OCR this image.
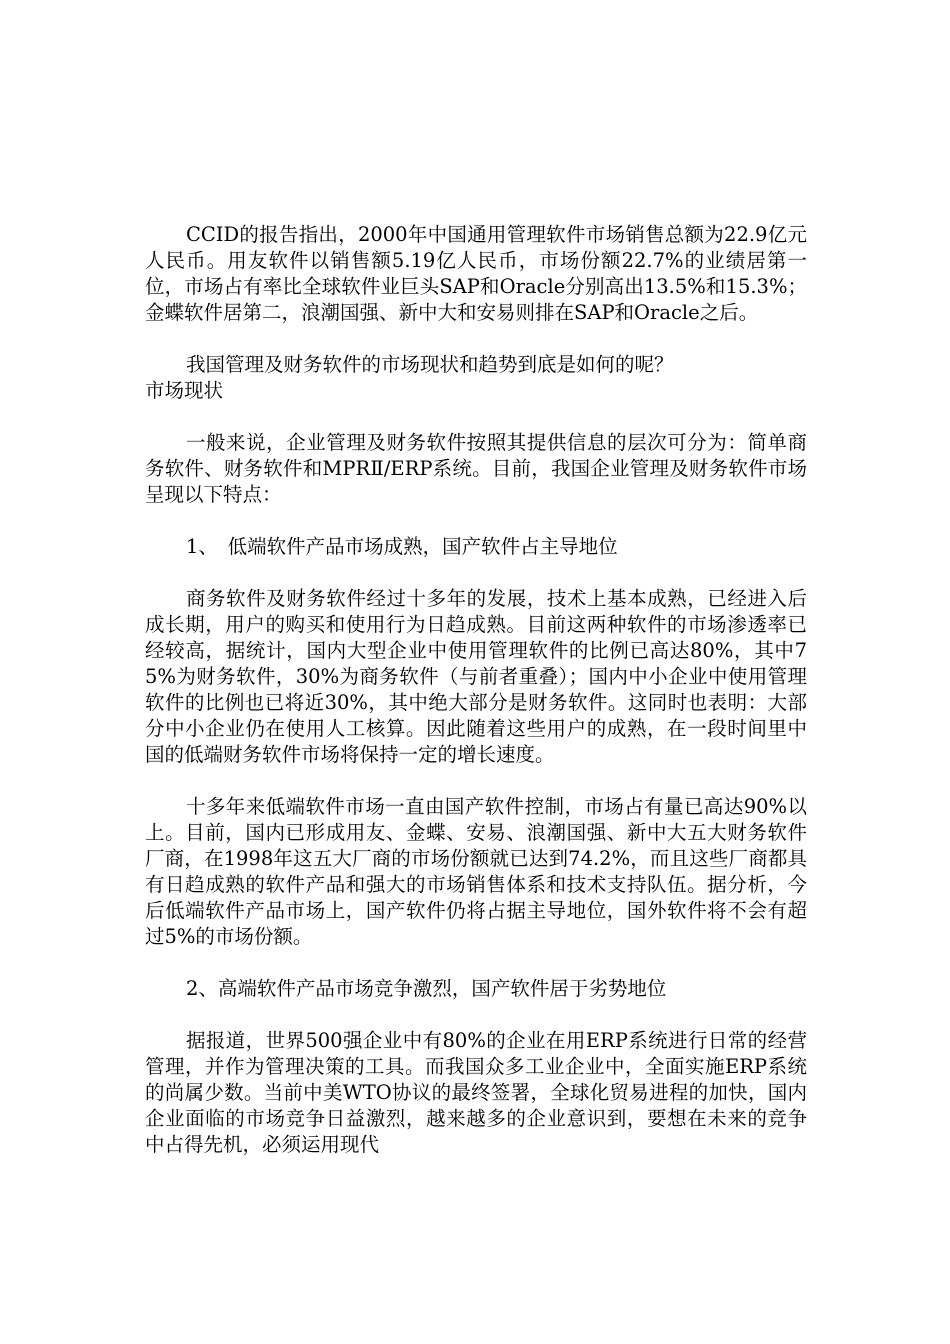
CCID的报告指出，2000年中国通用管理软件市场销售总额为22.9亿元人民币。用友软件以销售额5.19亿人民币，市场份额22.7%的业绩居第一位，市场占有率比全球软件业巨头SAP和Oracle分别高出13.5%和15.3%；金蝶软件居第二，浪潮国强、新中大和安易则排在SAP和Oracle之后。

我国管理及财务软件的市场现状和趋势到底是如何的呢？

市场现状

一般来说，企业管理及财务软件按照其提供信息的层次可分为：简单商务软件、财务软件和MPRⅡ/ERP系统。目前，我国企业管理及财务软件市场呈现以下特点：

1、　低端软件产品市场成熟，国产软件占主导地位

商务软件及财务软件经过十多年的发展，技术上基本成熟，已经进入后成长期，用户的购买和使用行为日趋成熟。目前这两种软件的市场渗透率已经较高，据统计，国内大型企业中使用管理软件的比例已高达80%，其中75%为财务软件，30%为商务软件（与前者重叠）；国内中小企业中使用管理软件的比例也已将近30%，其中绝大部分是财务软件。这同时也表明：大部分中小企业仍在使用人工核算。因此随着这些用户的成熟，在一段时间里中国的低端财务软件市场将保持一定的增长速度。

十多年来低端软件市场一直由国产软件控制，市场占有量已高达90%以上。目前，国内已形成用友、金蝶、安易、浪潮国强、新中大五大财务软件厂商，在1998年这五大厂商的市场份额就已达到74.2%，而且这些厂商都具有日趋成熟的软件产品和强大的市场销售体系和技术支持队伍。据分析，今后低端软件产品市场上，国产软件仍将占据主导地位，国外软件将不会有超过5%的市场份额。

2、高端软件产品市场竞争激烈，国产软件居于劣势地位

据报道，世界500强企业中有80%的企业在用ERP系统进行日常的经营管理，并作为管理决策的工具。而我国众多工业企业中，全面实施ERP系统的尚属少数。当前中美WTO协议的最终签署，全球化贸易进程的加快，国内企业面临的市场竞争日益激烈，越来越多的企业意识到，要想在未来的竞争中占得先机，必须运用现代
